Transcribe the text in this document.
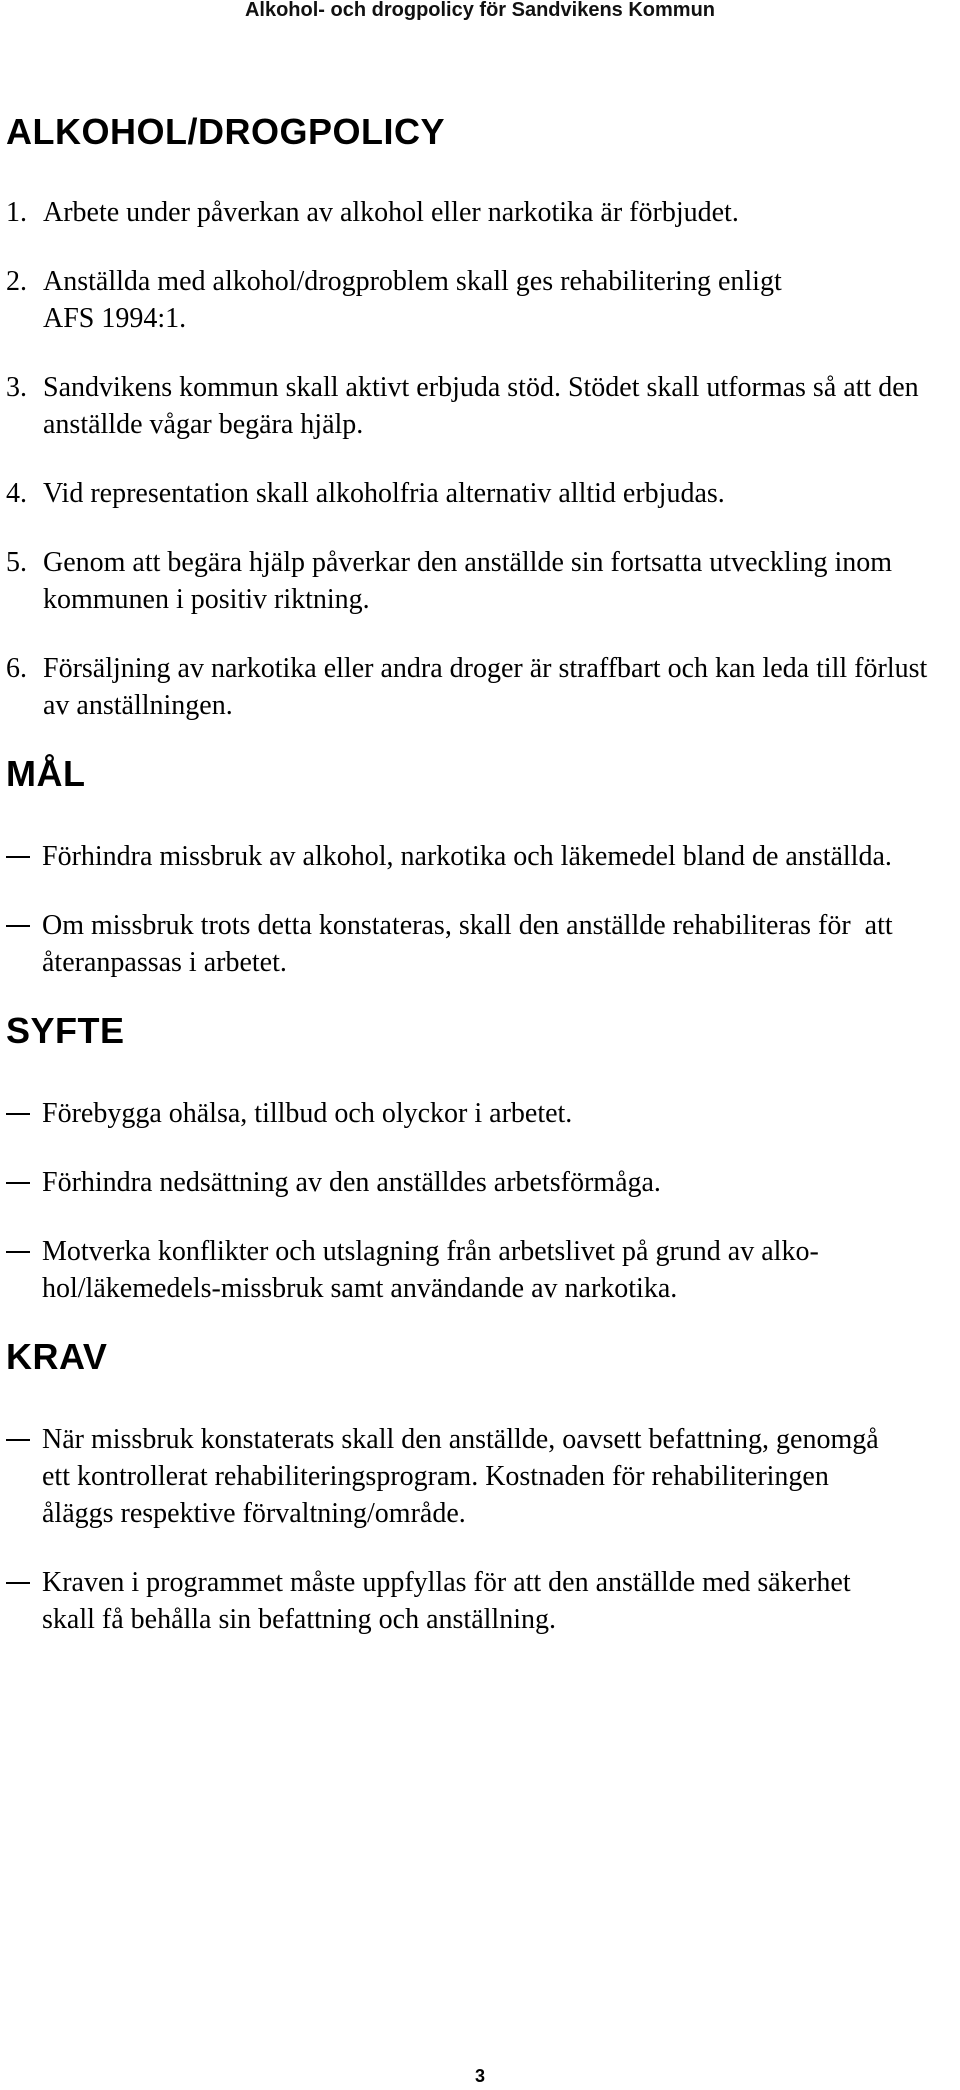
Alkohol- och drogpolicy för Sandvikens Kommun
ALKOHOL/DROGPOLICY
1. Arbete under påverkan av alkohol eller narkotika är förbjudet.
2. Anställda med alkohol/drogproblem skall ges rehabilitering enligt AFS 1994:1.
3. Sandvikens kommun skall aktivt erbjuda stöd. Stödet skall utformas så att den anställde vågar begära hjälp.
4. Vid representation skall alkoholfria alternativ alltid erbjudas.
5. Genom att begära hjälp påverkar den anställde sin fortsatta utveckling inom kommunen i positiv riktning.
6. Försäljning av narkotika eller andra droger är straffbart och kan leda till förlust av anställningen.
MÅL
Förhindra missbruk av alkohol, narkotika och läkemedel bland de anställda.
Om missbruk trots detta konstateras, skall den anställde rehabiliteras för  att återanpassas i arbetet.
SYFTE
Förebygga ohälsa, tillbud och olyckor i arbetet.
Förhindra nedsättning av den anställdes arbetsförmåga.
Motverka konflikter och utslagning från arbetslivet på grund av alko-hol/läkemedels-missbruk samt användande av narkotika.
KRAV
När missbruk konstaterats skall den anställde, oavsett befattning, genomgå ett kontrollerat rehabiliteringsprogram. Kostnaden för rehabiliteringen åläggs respektive förvaltning/område.
Kraven i programmet måste uppfyllas för att den anställde med säkerhet skall få behålla sin befattning och anställning.
3
